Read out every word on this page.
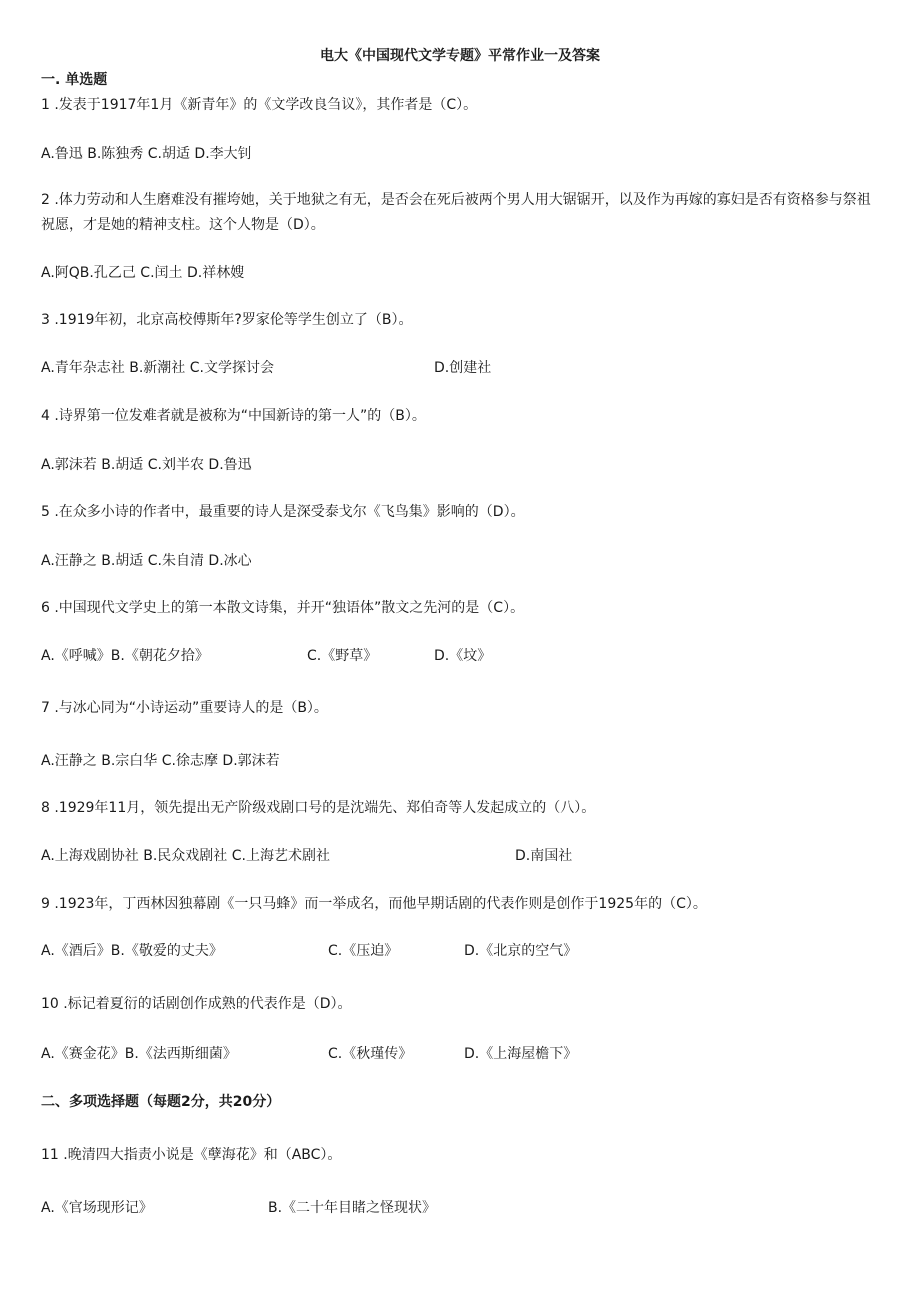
电大《中国现代文学专题》平常作业一及答案
一. 单选题
1 .发表于1917年1月《新青年》的《文学改良刍议》，其作者是（C）。
A.鲁迅 B.陈独秀 C.胡适 D.李大钊
2 .体力劳动和人生磨难没有摧垮她，关于地狱之有无，是否会在死后被两个男人用大锯锯开，以及作为再嫁的寡妇是否有资格参与祭祖祝愿，才是她的精神支柱。这个人物是（D）。
A.阿QB.孔乙己 C.闰土 D.祥林嫂
3 .1919年初，北京高校傅斯年?罗家伦等学生创立了（B）。
A.青年杂志社 B.新潮社 C.文学探讨会	D.创建社
4 .诗界第一位发难者就是被称为“中国新诗的第一人”的（B）。
A.郭沫若 B.胡适 C.刘半农 D.鲁迅
5 .在众多小诗的作者中，最重要的诗人是深受泰戈尔《飞鸟集》影响的（D）。
A.汪静之 B.胡适 C.朱自清 D.冰心
6 .中国现代文学史上的第一本散文诗集，并开“独语体”散文之先河的是（C）。
A.《呼喊》B.《朝花夕拾》	C.《野草》	D.《坟》
7 .与冰心同为“小诗运动”重要诗人的是（B）。
A.汪静之 B.宗白华 C.徐志摩 D.郭沫若
8 .1929年11月，领先提出无产阶级戏剧口号的是沈端先、郑伯奇等人发起成立的（八）。
A.上海戏剧协社 B.民众戏剧社 C.上海艺术剧社	D.南国社
9 .1923年，丁西林因独幕剧《一只马蜂》而一举成名，而他早期话剧的代表作则是创作于1925年的（C）。
A.《酒后》B.《敬爱的丈夫》	C.《压迫》	D.《北京的空气》
10 .标记着夏衍的话剧创作成熟的代表作是（D）。
A.《赛金花》B.《法西斯细菌》	C.《秋瑾传》	D.《上海屋檐下》
二、多项选择题（每题2分，共20分）
11 .晚清四大指责小说是《孽海花》和（ABC）。
A.《官场现形记》	B.《二十年目睹之怪现状》
